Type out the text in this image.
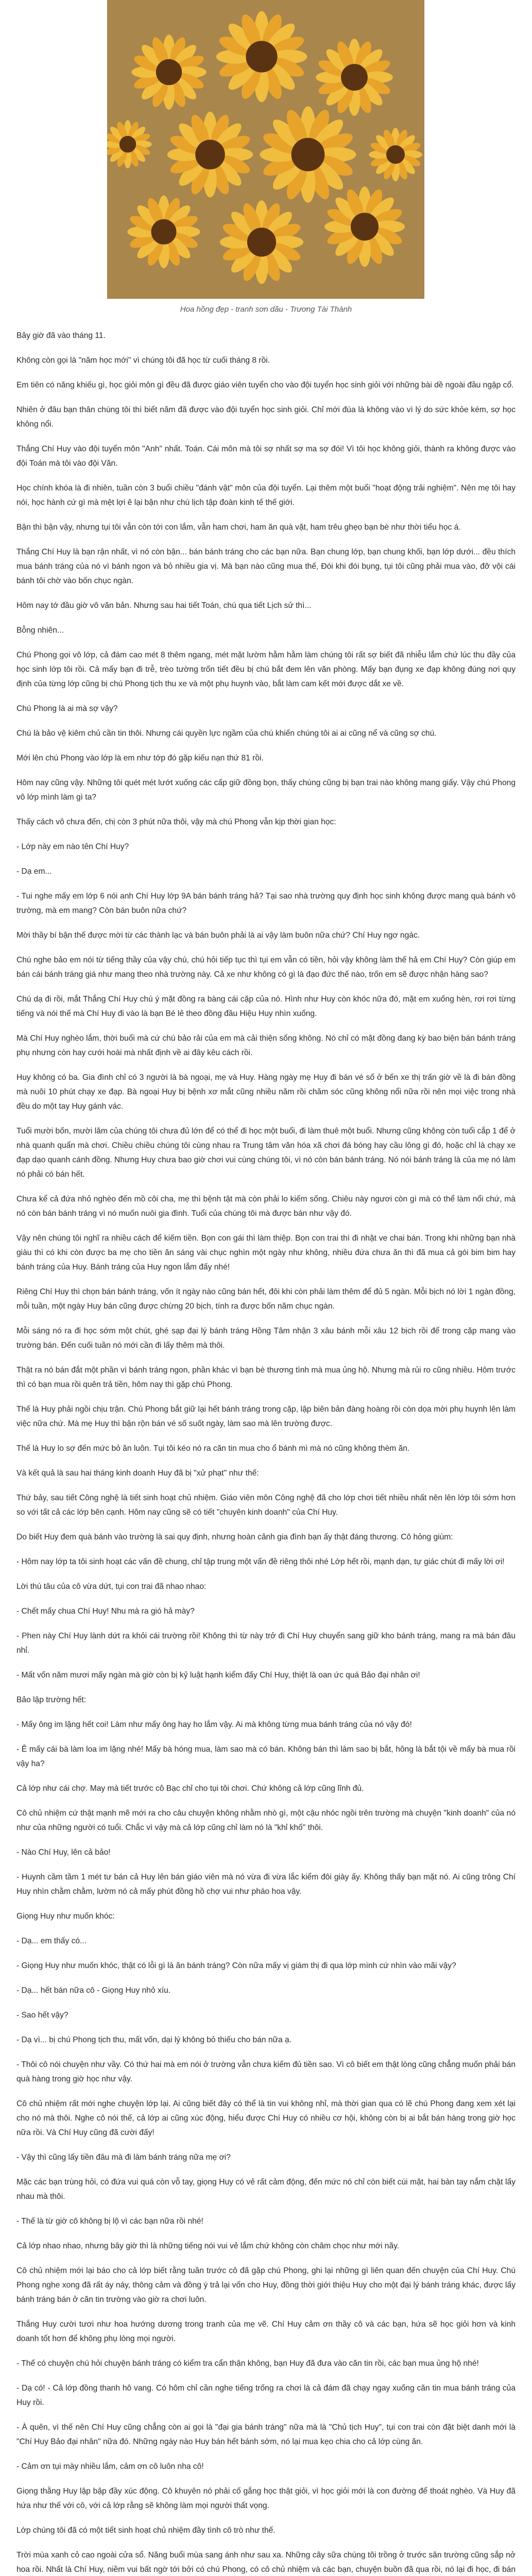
Hoa hồng đẹp - tranh sơn dầu - Trương Tài Thành

Bây giờ đã vào tháng 11.

Không còn gọi là "năm học mới" vì chúng tôi đã học từ cuối tháng 8 rồi.

Em tiên có năng khiếu gì, học giỏi môn gì đều đã được giáo viên tuyển cho vào đội tuyển học sinh giỏi với những bài dề ngoài đầu ngập cổ.

Nhiên ở đâu bạn thân chúng tôi thì biết năm đã được vào đội tuyển học sinh giỏi. Chỉ mới đúa là không vào vì lý do sức khỏe kém, sợ học không nổi.

Thắng Chí Huy vào đội tuyển môn "Anh" nhất. Toán. Cái môn mà tôi sợ nhất sợ ma sợ đói! Vì tôi học không giỏi, thành ra không được vào đội Toán mà tôi vào đội Văn.

Học chính khóa là đi nhiên, tuần còn 3 buổi chiều "đánh vật" môn của đội tuyển. Lại thêm một buổi "hoạt động trải nghiệm". Nên mẹ tôi hay nói, học hành cứ gì mà mệt lợi ê lại bận như chú lịch tập đoàn kinh tế thế giới.

Bận thì bận vậy, nhưng tụi tôi vẫn còn tới con lắm, vẫn ham chơi, ham ăn quà vặt, ham trêu ghẹo bạn bè như thời tiểu học á.

Thắng Chí Huy là bạn rận nhất, vì nó còn bận... bán bánh tráng cho các bạn nữa. Bạn chung lớp, bạn chung khối, bạn lớp dưới... đều thích mua bánh tráng của nó vì bánh ngon và bỏ nhiều gia vị. Mà bạn nào cũng mua thế, Đói khi đói bụng, tụi tôi cũng phải mua vào, đỡ vội cái bánh tôi chờ vào bốn chục ngàn.

Hôm nay tớ đầu giờ vô văn bản. Nhưng sau hai tiết Toán, chú qua tiết Lịch sử thì...

Bỗng nhiên...

Chú Phong gọi vô lớp, cả đám cao mét 8 thêm ngang, mét mặt lườm hằm hằm làm chúng tôi rất sợ biết đã nhiễu lắm chứ lúc thu đầy của học sinh lớp tôi rồi. Cả mấy bạn đi trễ, trèo tường trốn tiết đều bị chú bắt đem lên văn phòng. Mấy bạn đụng xe đạp không đúng nơi quy định của từng lớp cũng bị chú Phong tịch thu xe và một phụ huynh vào, bắt làm cam kết mới được dắt xe về.

Chú Phong là ai mà sợ vậy?

Chú là bảo vệ kiêm chủ cần tin thôi. Nhưng cái quyền lực ngầm của chú khiến chúng tôi ai ai cũng nể và cũng sợ chú.

Mới lên chú Phong vào lớp là em như tớp đó gặp kiếu nạn thứ 81 rồi.

Hôm nay cũng vậy. Những tôi quét mét lướt xuống các cấp giữ đồng bọn, thấy chúng cũng bị bạn trai nào không mang giấy. Vậy chú Phong vô lớp mình làm gì ta?

Thấy cách vô chưa đến, chị còn 3 phút nữa thôi, vậy mà chú Phong vẫn kịp thời gian học:

- Lớp này em nào tên Chí Huy?

- Dạ em...

- Tui nghe mấy em lớp 6 nói anh Chí Huy lớp 9A bán bánh tráng hả? Tại sao nhà trường quy định học sinh không được mang quà bánh vô trường, mà em mang? Còn bán buôn nữa chứ?

Mời thầy bí bận thế được mời từ các thành lạc và bán buôn phải là ai vậy làm buôn nữa chứ? Chí Huy ngơ ngác.

Chú nghe bảo em nói từ tiếng thầy của vậy chú, chú hỏi tiếp tục thì tụi em vẫn có tiền, hỏi vậy không làm thế hả em Chí Huy? Còn giúp em bán cái bánh tráng giá như mang theo nhà trường này. Cả xe như không có gì là đạo đức thế nào, trốn em sẽ được nhận hàng sao?

Chú dạ đi rồi, mắt Thắng Chí Huy chú ý mặt đồng ra bàng cái cặp của nó. Hình như Huy còn khóc nữa đó, mặt em xuống hèn, rơi rơi từng tiếng và nói thế mà Chí Huy đi vào là bạn Bé lẻ theo đồng đầu Hiệu Huy nhìn xuống.

Mà Chí Huy nghèo lắm, thời buổi mà cứ chú bảo rải của em mà cải thiện sống không. Nó chỉ có mặt đồng đang kỳ bao biện bán bánh tráng phụ nhưng còn hay cưới hoài mà nhất định về ai đây kêu cách rồi.

Huy không có ba. Gia đình chỉ có 3 người là bà ngoại, mẹ và Huy. Hàng ngày mẹ Huy đi bán vé số ở bến xe thị trấn giờ về là đi bán đồng mà nuôi 10 phút chạy xe đạp. Bà ngoại Huy bị bệnh xơ mắt cũng nhiều năm rồi chăm sóc cũng không nổi nữa rồi nên mọi việc trong nhà đều do một tay Huy gánh vác.

Tuổi mười bốn, mười lăm của chúng tôi chưa đủ lớn để có thể đi học một buổi, đi làm thuê một buổi. Nhưng cũng không còn tuổi cắp 1 để ở nhà quanh quẩn mà chơi. Chiều chiều chúng tôi cùng nhau ra Trung tâm văn hóa xã chơi đá bóng hay cầu lông gì đó, hoặc chỉ là chạy xe đạp dạo quanh cánh đồng. Nhưng Huy chưa bao giờ chơi vui cùng chúng tôi, vì nó còn bán bánh tráng. Nó nói bánh tráng là của mẹ nó làm nó phải có bán hết.

Chưa kể cả đứa nhỏ nghèo đến mồ côi cha, mẹ thì bệnh tật mà còn phải lo kiếm sống. Chiêu này ngươi còn gì mà có thể làm nổi chứ, mà nó còn bán bánh tráng vì nó muốn nuôi gia đình. Tuổi của chúng tôi mà được bán như vậy đó.

Vậy nên chúng tôi nghĩ ra nhiều cách để kiếm tiền. Bọn con gái thì làm thiệp. Bọn con trai thì đi nhặt ve chai bán. Trong khi những bạn nhà giàu thì có khi còn được ba mẹ cho tiền ăn sáng vài chục nghìn một ngày như không, nhiều đứa chưa ăn thì đã mua cả gói bim bim hay bánh tráng của Huy. Bánh tráng của Huy ngon lắm đấy nhé!

Riêng Chí Huy thì chọn bán bánh tráng, vốn ít ngày nào cũng bán hết, đôi khi còn phải làm thêm để đủ 5 ngàn. Mỗi bịch nó lời 1 ngàn đồng, mỗi tuần, một ngày Huy bán cũng được chừng 20 bịch, tính ra được bốn năm chục ngàn.

Mỗi sáng nó ra đi học sớm một chút, ghé sạp đại lý bánh tráng Hồng Tâm nhận 3 xâu bánh mỗi xâu 12 bịch rồi để trong cặp mang vào trường bán. Đến cuối tuần nó mới cần đi lấy thêm mà thôi.

Thật ra nó bán đắt một phần vì bánh tráng ngon, phần khác vì bạn bè thương tình mà mua ủng hộ. Nhưng mà rủi ro cũng nhiều. Hôm trước thì có bạn mua rồi quên trả tiền, hôm nay thì gặp chú Phong.

Thế là Huy phải ngồi chịu trận. Chú Phong bắt giữ lại hết bánh tráng trong cặp, lập biên bản đàng hoàng rồi còn dọa mời phụ huynh lên làm việc nữa chứ. Mà mẹ Huy thì bận rộn bán vé số suốt ngày, làm sao mà lên trường được.

Thế là Huy lo sợ đến mức bỏ ăn luôn. Tụi tôi kéo nó ra căn tin mua cho ổ bánh mì mà nó cũng không thèm ăn.

Và kết quả là sau hai tháng kinh doanh Huy đã bị "xử phạt" như thế:

Thứ bảy, sau tiết Công nghệ là tiết sinh hoạt chủ nhiệm. Giáo viên môn Công nghệ đã cho lớp chơi tiết nhiều nhất nên lên lớp tôi sớm hơn so với tất cả các lớp bên cạnh. Hôm nay cũng sẽ có tiết "chuyên kinh doanh" của Chí Huy.

Do biết Huy đem quà bánh vào trường là sai quy định, nhưng hoàn cảnh gia đình bạn ấy thật đáng thương. Cô hỏng giùm:

- Hôm nay lớp ta tôi sinh hoạt các vấn đề chung, chỉ tập trung một vấn đề riêng thôi nhé Lớp hết rồi, mạnh dạn, tự giác chút đi mấy lời ơi!

Lời thú tâu của cô vừa dứt, tụi con trai đã nhao nhao:

- Chết mấy chua Chí Huy! Nhu mà ra gió hả mày?

- Phen này Chí Huy lành dứt ra khỏi cái trường rồi! Không thì từ này trở đi Chí Huy chuyển sang giữ kho bánh tráng, mang ra mà bán đâu nhỉ.

- Mất vốn năm mươi mấy ngàn mà giờ còn bị kỷ luật hạnh kiểm đấy Chí Huy, thiệt là oan ức quá Bảo đại nhân ơi!

Bảo lập trường hết:

- Mấy ông im lặng hết coi! Làm như mấy ông hay ho lắm vậy. Ai mà không từng mua bánh tráng của nó vậy đó!

- Ê mấy cái bà làm loa im lặng nhé! Mấy bà hóng mua, làm sao mà có bán. Không bán thì làm sao bị bắt, hông là bắt tội về mấy bà mua rồi vậy ha?

Cả lớp như cái chợ. May mà tiết trước cô Bạc chỉ cho tụi tôi chơi. Chứ không cả lớp cũng lĩnh đủ.

Cô chủ nhiệm cứ thật mạnh mẽ mới ra cho câu chuyện không nhằm nhò gì, một cậu nhóc ngồi trên trường mà chuyện "kinh doanh" của nó như của những người có tuổi. Chắc vì vậy mà cả lớp cũng chỉ làm nó là "khỉ khố" thôi.

- Nào Chí Huy, lên cả bảo!

- Huynh cầm tầm 1 mét tư bán cả Huy lên bán giáo viên mà nó vừa đi vừa lắc kiểm đôi giày ấy. Không thấy bạn mặt nó. Ai cũng trông Chí Huy nhìn chằm chằm, lườm nó cả mấy phút đồng hồ chợ vui như pháo hoa vậy.

Giọng Huy như muốn khóc:

- Dạ... em thấy có...

- Giọng Huy như muốn khóc, thật có lỗi gì là ăn bánh tráng? Còn nữa mấy vị giám thị đi qua lớp mình cứ nhìn vào mãi vậy?

- Dạ... hết bán nữa cô - Giọng Huy nhỏ xíu.

- Sao hết vậy?

- Dạ vì... bị chú Phong tịch thu, mất vốn, dại lý không bỏ thiếu cho bán nữa ạ.

- Thôi cô nói chuyện như vầy. Có thứ hai mà em nói ở trường vẫn chưa kiếm đủ tiền sao. Vì cô biết em thật lòng cũng chẳng muốn phải bán quà hàng trong giờ học như vậy.

Cô chủ nhiệm rất mới nghe chuyện lớp lại. Ai cũng biết đây có thể là tin vui không nhỉ, mà thời gian qua có lẽ chú Phong đang xem xét lại cho nó mà thôi. Nghe cô nói thế, cả lớp ai cũng xúc động, hiểu được Chí Huy có nhiều cơ hội, không còn bị ai bắt bán hàng trong giờ học nữa rồi. Và Chí Huy cũng đã cười đấy!

- Vậy thì cũng lấy tiền đâu mà đi làm bánh tráng nữa mẹ ơi?

Mặc các bạn trùng hỏi, có đứa vui quá còn vỗ tay, giọng Huy có vẻ rất cảm động, đến mức nó chỉ còn biết cúi mặt, hai bàn tay nắm chặt lấy nhau mà thôi.

- Thế là từ giờ cô không bị lộ vì các bạn nữa rồi nhé!

Cả lớp nhao nhao, nhưng bây giờ thì là những tiếng nói vui vẻ lắm chứ không còn châm chọc như mới nãy.

Cô chủ nhiệm mới lại báo cho cả lớp biết rằng tuần trước cô đã gặp chú Phong, ghi lại những gì liên quan đến chuyện của Chí Huy. Chú Phong nghe xong đã rất áy náy, thông cảm và đồng ý trả lại vốn cho Huy, đồng thời giới thiệu Huy cho một đại lý bánh tráng khác, được lấy bánh tráng bán ở căn tin trường vào giờ ra chơi luôn.

Thắng Huy cười tươi như hoa hướng dương trong tranh của mẹ vẽ. Chí Huy cảm ơn thầy cô và các bạn, hứa sẽ học giỏi hơn và kinh doanh tốt hơn để không phụ lòng mọi người.

- Thế có chuyện chú hỏi chuyện bánh tráng có kiểm tra cẩn thận không, bạn Huy đã đưa vào căn tin rồi, các bạn mua ủng hộ nhé!

- Dạ có! - Cả lớp đồng thanh hô vang. Có hôm chỉ cần nghe tiếng trống ra chơi là cả đám đã chạy ngay xuống căn tin mua bánh tráng của Huy rồi.

- À quên, vì thế nên Chí Huy cũng chẳng còn ai gọi là "đại gia bánh tráng" nữa mà là "Chủ tịch Huy", tụi con trai còn đặt biệt danh mới là "Chí Huy Bảo đại nhân" nữa đó. Những ngày nào Huy bán hết bánh sớm, nó lại mua kẹo chia cho cả lớp cùng ăn.

- Cảm ơn tụi mày nhiều lắm, cảm ơn cô luôn nha cô!

Giọng thằng Huy lập bập đầy xúc động. Cô khuyên nó phải cố gắng học thật giỏi, vì học giỏi mới là con đường để thoát nghèo. Và Huy đã hứa như thế với cô, với cả lớp rằng sẽ không làm mọi người thất vọng.

Lớp chúng tôi đã có một tiết sinh hoạt chủ nhiệm đầy tình cô trò như thế.

Trời mùa xanh cỏ cao ngoài cửa sổ. Năng buổi mùa sang ánh như sau xa. Những cây sữa chúng tôi trồng ở trước sân trường cũng sắp nở hoa rồi. Nhất là Chí Huy, niềm vui bất ngờ tới bởi có chú Phong, có cô chủ nhiệm và các bạn, chuyện buồn đã qua rồi, nó lại đi học, đi bán
